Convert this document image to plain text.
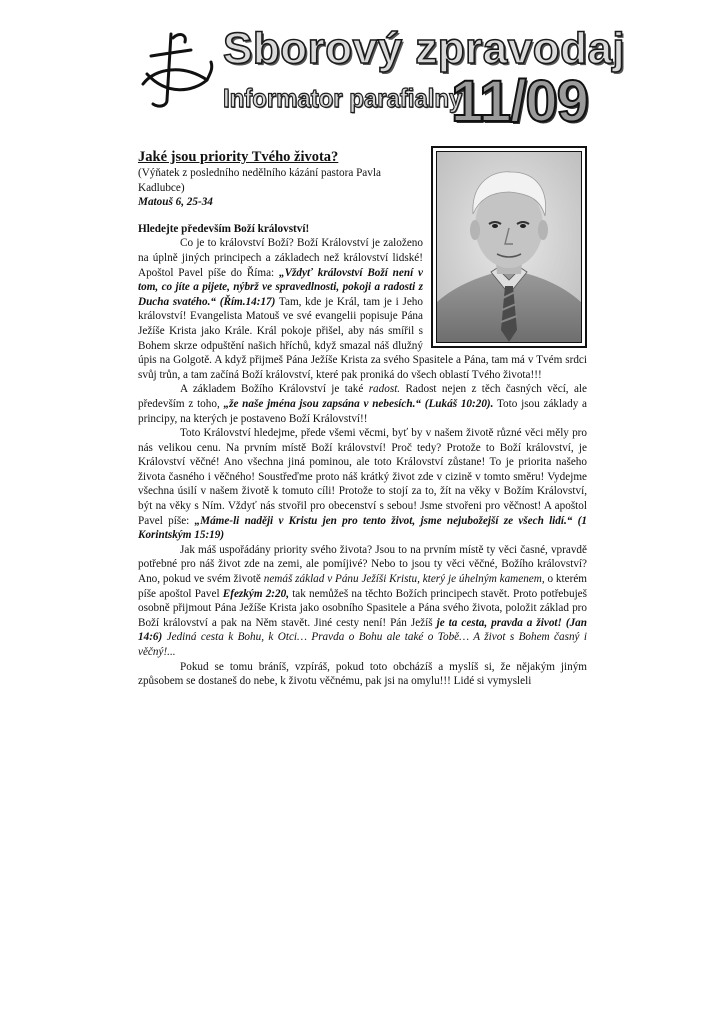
Sborový zpravodaj
Informator parafialny
11/09

Jaké jsou priority Tvého života?

(Výňatek z posledního nedělního kázání pastora Pavla Kadlubce)

Matouš 6, 25-34

Hledejte především Boží království!

Co je to království Boží? Boží Království je založeno na úplně jiných principech a základech než království lidské! Apoštol Pavel píše do Říma: „Vždyť království Boží není v tom, co jíte a pijete, nýbrž ve spravedlnosti, pokoji a radosti z Ducha svatého.“ (Řím.14:17) Tam, kde je Král, tam je i Jeho království! Evangelista Matouš ve své evangelii popisuje Pána Ježíše Krista jako Krále. Král pokoje přišel, aby nás smířil s Bohem skrze odpuštění našich hříchů, když smazal náš dlužný úpis na Golgotě. A když přijmeš Pána Ježíše Krista za svého Spasitele a Pána, tam má v Tvém srdci svůj trůn, a tam začíná Boží království, které pak proniká do všech oblastí Tvého života!!!

A základem Božího Království je také radost. Radost nejen z těch časných věcí, ale především z toho, „že naše jména jsou zapsána v nebesích.“ (Lukáš 10:20). Toto jsou základy a principy, na kterých je postaveno Boží Království!!

Toto Království hledejme, přede všemi věcmi, byť by v našem životě různé věci měly pro nás velikou cenu. Na prvním místě Boží království! Proč tedy? Protože to Boží království, je Království věčné! Ano všechna jiná pominou, ale toto Království zůstane! To je priorita našeho života časného i věčného! Soustřeďme proto náš krátký život zde v cizině v tomto směru! Vydejme všechna úsilí v našem životě k tomuto cíli! Protože to stojí za to, žít na věky v Božím Království, být na věky s Ním. Vždyť nás stvořil pro obecenství s sebou! Jsme stvořeni pro věčnost! A apoštol Pavel píše: „Máme-li naději v Kristu jen pro tento život, jsme nejubožejší ze všech lidí.“ (1 Korintským 15:19)

Jak máš uspořádány priority svého života? Jsou to na prvním místě ty věci časné, vpravdě potřebné pro náš život zde na zemi, ale pomíjivé? Nebo to jsou ty věci věčné, Božího království? Ano, pokud ve svém životě nemáš základ v Pánu Ježíši Kristu, který je úhelným kamenem, o kterém píše apoštol Pavel Efezkým 2:20, tak nemůžeš na těchto Božích principech stavět. Proto potřebuješ osobně přijmout Pána Ježíše Krista jako osobního Spasitele a Pána svého života, položit základ pro Boží království a pak na Něm stavět. Jiné cesty není! Pán Ježíš je ta cesta, pravda a život! (Jan 14:6) Jediná cesta k Bohu, k Otci… Pravda o Bohu ale také o Tobě… A život s Bohem časný i věčný!...

Pokud se tomu bráníš, vzpíráš, pokud toto obcházíš a myslíš si, že nějakým jiným způsobem se dostaneš do nebe, k životu věčnému, pak jsi na omylu!!! Lidé si vymysleli
